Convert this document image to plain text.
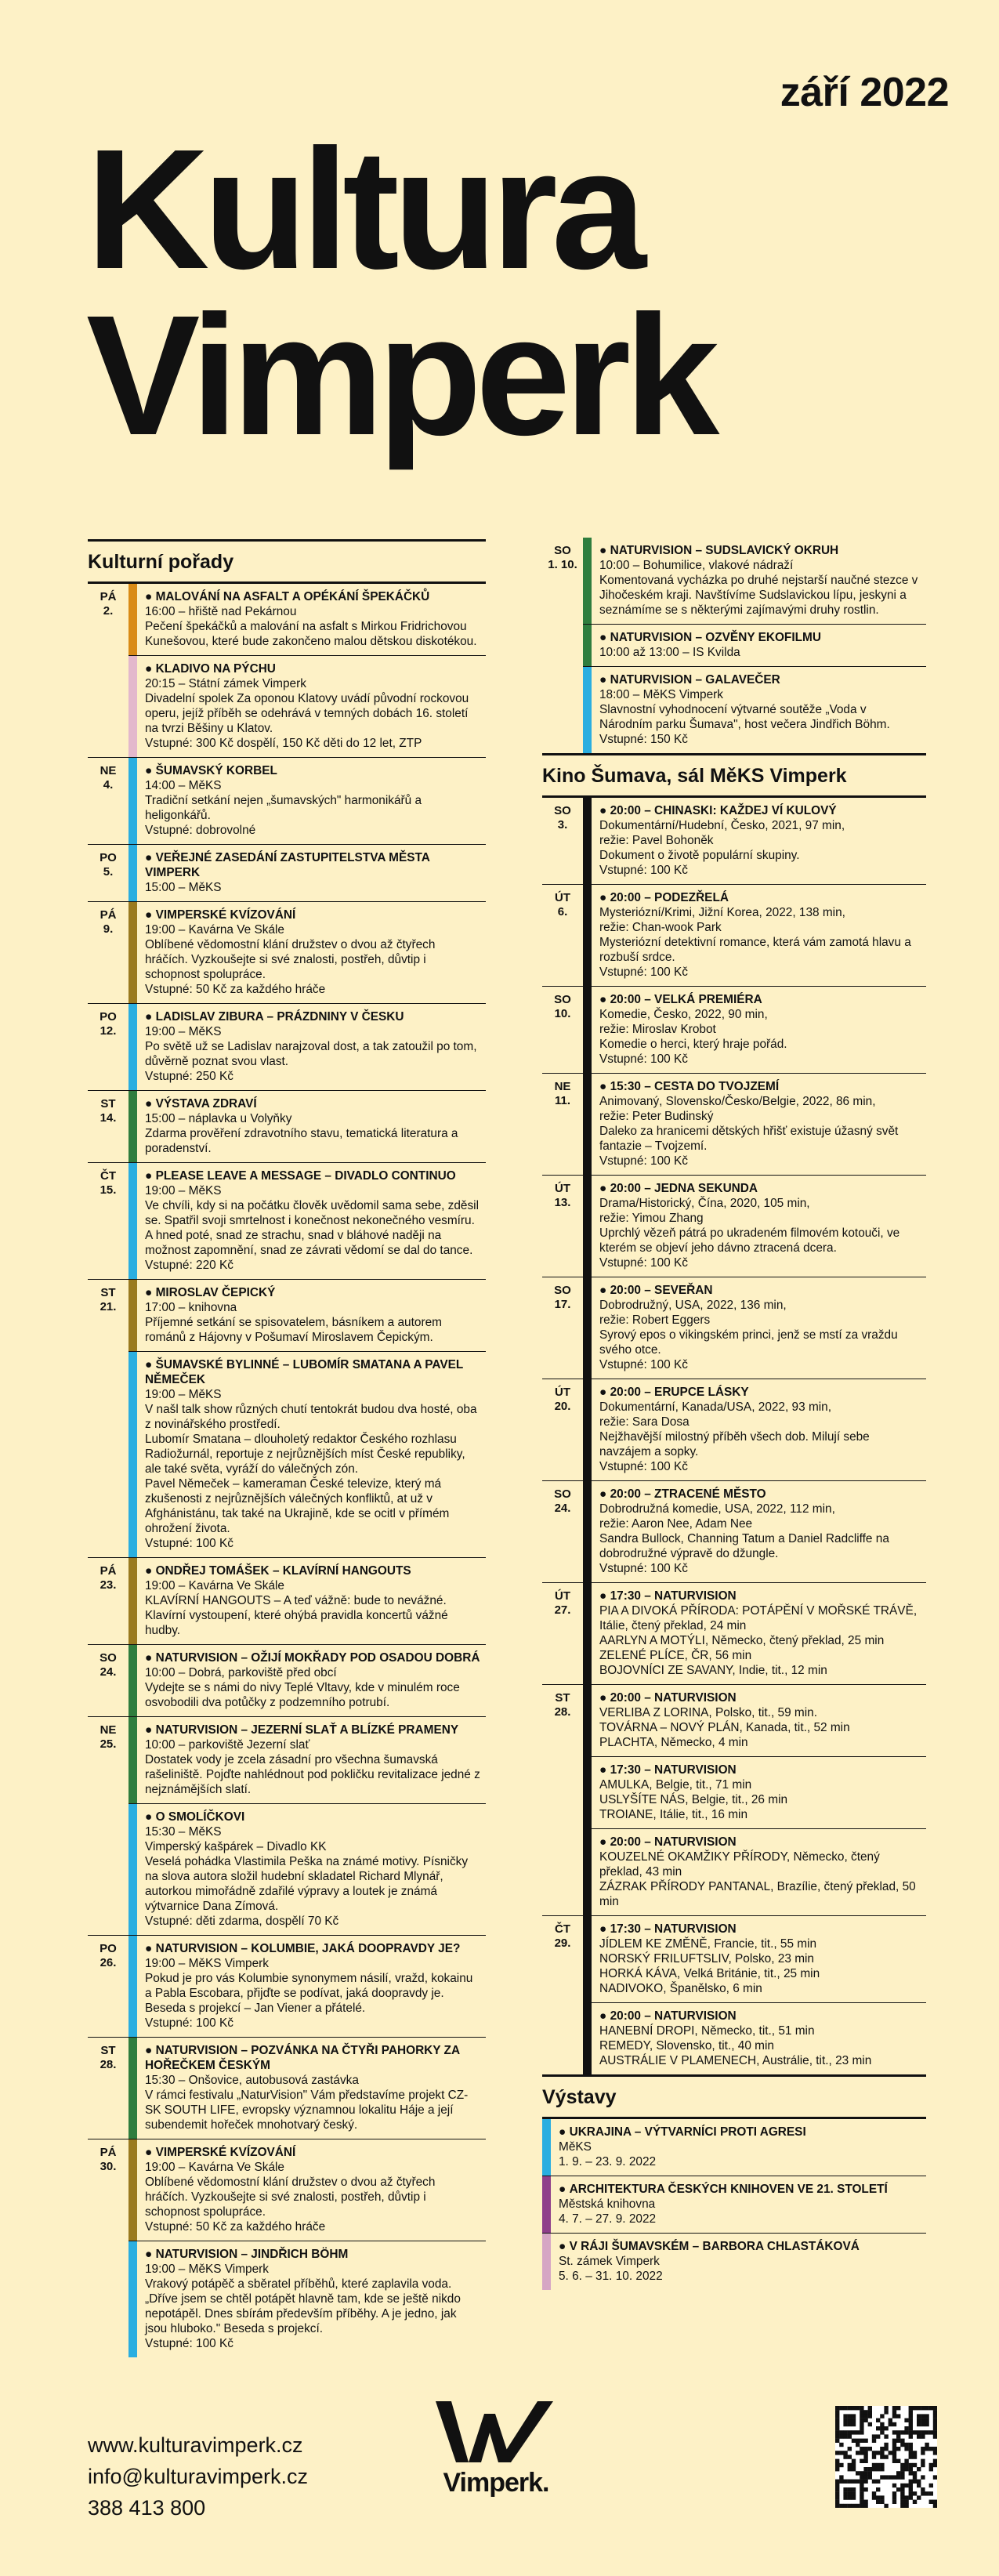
září 2022
Kultura
Vimperk
Kulturní pořady
PÁ
2.
● MALOVÁNÍ NA ASFALT A OPÉKÁNÍ ŠPEKÁČKŮ
16:00 – hřiště nad Pekárnou
Pečení špekáčků a malování na asfalt s Mirkou Fridrichovou Kunešovou, které bude zakončeno malou dětskou diskotékou.
● KLADIVO NA PÝCHU
20:15 – Státní zámek Vimperk
Divadelní spolek Za oponou Klatovy uvádí původní rockovou operu, jejíž příběh se odehrává v temných dobách 16. století na tvrzi Běšiny u Klatov.
Vstupné: 300 Kč dospělí, 150 Kč děti do 12 let, ZTP
NE
4.
● ŠUMAVSKÝ KORBEL
14:00 – MěKS
Tradiční setkání nejen „šumavských" harmonikářů a heligonkářů.
Vstupné: dobrovolné
PO
5.
● VEŘEJNÉ ZASEDÁNÍ ZASTUPITELSTVA MĚSTA VIMPERK
15:00 – MěKS
PÁ
9.
● VIMPERSKÉ KVÍZOVÁNÍ
19:00 – Kavárna Ve Skále
Oblíbené vědomostní klání družstev o dvou až čtyřech hráčích. Vyzkoušejte si své znalosti, postřeh, důvtip i schopnost spolupráce.
Vstupné: 50 Kč za každého hráče
PO
12.
● LADISLAV ZIBURA – PRÁZDNINY V ČESKU
19:00 – MěKS
Po světě už se Ladislav narajzoval dost, a tak zatoužil po tom, důvěrně poznat svou vlast.
Vstupné: 250 Kč
ST
14.
● VÝSTAVA ZDRAVÍ
15:00 – náplavka u Volyňky
Zdarma prověření zdravotního stavu, tematická literatura a poradenství.
ČT
15.
● PLEASE LEAVE A MESSAGE – DIVADLO CONTINUO
19:00 – MěKS
Ve chvíli, kdy si na počátku člověk uvědomil sama sebe, zděsil se. Spatřil svoji smrtelnost i konečnost nekonečného vesmíru. A hned poté, snad ze strachu, snad v bláhové naději na možnost zapomnění, snad ze závrati vědomí se dal do tance.
Vstupné: 220 Kč
ST
21.
● MIROSLAV ČEPICKÝ
17:00 – knihovna
Příjemné setkání se spisovatelem, básníkem a autorem románů z Hájovny v Pošumaví Miroslavem Čepickým.
● ŠUMAVSKÉ BYLINNÉ – LUBOMÍR SMATANA A PAVEL NĚMEČEK
19:00 – MěKS
V našl talk show různých chutí tentokrát budou dva hosté, oba z novinářského prostředí.
Lubomír Smatana – dlouholetý redaktor Českého rozhlasu Radiožurnál, reportuje z nejrůznějších míst České republiky, ale také světa, vyráží do válečných zón.
Pavel Němeček – kameraman České televize, který má zkušenosti z nejrůznějších válečných konfliktů, at už v Afghánistánu, tak také na Ukrajině, kde se ocitl v přímém ohrožení života.
Vstupné: 100 Kč
PÁ
23.
● ONDŘEJ TOMÁŠEK – KLAVÍRNÍ HANGOUTS
19:00 – Kavárna Ve Skále
KLAVÍRNÍ HANGOUTS – A teď vážně: bude to nevážné. Klavírní vystoupení, které ohýbá pravidla koncertů vážné hudby.
SO
24.
● NATURVISION – OŽIJÍ MOKŘADY POD OSADOU DOBRÁ
10:00 – Dobrá, parkoviště před obcí
Vydejte se s námi do nivy Teplé Vltavy, kde v minulém roce osvobodili dva potůčky z podzemního potrubí.
NE
25.
● NATURVISION – JEZERNÍ SLAŤ A BLÍZKÉ PRAMENY
10:00 – parkoviště Jezerní slať
Dostatek vody je zcela zásadní pro všechna šumavská rašeliniště. Pojďte nahlédnout pod pokličku revitalizace jedné z nejznámějších slatí.
● O SMOLÍČKOVI
15:30 – MěKS
Vimperský kašpárek – Divadlo KK
Veselá pohádka Vlastimila Peška na známé motivy. Písničky na slova autora složil hudební skladatel Richard Mlynář, autorkou mimořádně zdařilé výpravy a loutek je známá výtvarnice Dana Zímová.
Vstupné: děti zdarma, dospělí 70 Kč
PO
26.
● NATURVISION – KOLUMBIE, JAKÁ DOOPRAVDY JE?
19:00 – MěKS Vimperk
Pokud je pro vás Kolumbie synonymem násilí, vražd, kokainu a Pabla Escobara, přijďte se podívat, jaká doopravdy je. Beseda s projekcí – Jan Viener a přátelé.
Vstupné: 100 Kč
ST
28.
● NATURVISION – POZVÁNKA NA ČTYŘI PAHORKY ZA HOŘEČKEM ČESKÝM
15:30 – Onšovice, autobusová zastávka
V rámci festivalu „NaturVision" Vám představíme projekt CZ-SK SOUTH LIFE, evropsky významnou lokalitu Háje a její subendemit hořeček mnohotvarý český.
PÁ
30.
● VIMPERSKÉ KVÍZOVÁNÍ
19:00 – Kavárna Ve Skále
Oblíbené vědomostní klání družstev o dvou až čtyřech hráčích. Vyzkoušejte si své znalosti, postřeh, důvtip i schopnost spolupráce.
Vstupné: 50 Kč za každého hráče
● NATURVISION – JINDŘICH BÖHM
19:00 – MěKS Vimperk
Vrakový potápěč a sběratel příběhů, které zaplavila voda. „Dříve jsem se chtěl potápět hlavně tam, kde se ještě nikdo nepotápěl. Dnes sbírám především příběhy. A je jedno, jak jsou hluboko." Beseda s projekcí.
Vstupné: 100 Kč
SO
1. 10.
● NATURVISION – SUDSLAVICKÝ OKRUH
10:00 – Bohumilice, vlakové nádraží
Komentovaná vycházka po druhé nejstarší naučné stezce v Jihočeském kraji. Navštívíme Sudslavickou lípu, jeskyni a seznámíme se s některými zajímavými druhy rostlin.
● NATURVISION – OZVĚNY EKOFILMU
10:00 až 13:00 – IS Kvilda
● NATURVISION – GALAVEČER
18:00 – MěKS Vimperk
Slavnostní vyhodnocení výtvarné soutěže „Voda v Národním parku Šumava", host večera Jindřich Böhm.
Vstupné: 150 Kč
Kino Šumava, sál MěKS Vimperk
SO
3.
● 20:00 – CHINASKI: KAŽDEJ VÍ KULOVÝ
Dokumentární/Hudební, Česko, 2021, 97 min,
režie: Pavel Bohoněk
Dokument o životě populární skupiny.
Vstupné: 100 Kč
ÚT
6.
● 20:00 – PODEZŘELÁ
Mysteriózní/Krimi, Jižní Korea, 2022, 138 min,
režie: Chan-wook Park
Mysteriózní detektivní romance, která vám zamotá hlavu a rozbuší srdce.
Vstupné: 100 Kč
SO
10.
● 20:00 – VELKÁ PREMIÉRA
Komedie, Česko, 2022, 90 min,
režie: Miroslav Krobot
Komedie o herci, který hraje pořád.
Vstupné: 100 Kč
NE
11.
● 15:30 – CESTA DO TVOJZEMÍ
Animovaný, Slovensko/Česko/Belgie, 2022, 86 min,
režie: Peter Budinský
Daleko za hranicemi dětských hřišť existuje úžasný svět fantazie – Tvojzemí.
Vstupné: 100 Kč
ÚT
13.
● 20:00 – JEDNA SEKUNDA
Drama/Historický, Čína, 2020, 105 min,
režie: Yimou Zhang
Uprchlý vězeň pátrá po ukradeném filmovém kotouči, ve kterém se objeví jeho dávno ztracená dcera.
Vstupné: 100 Kč
SO
17.
● 20:00 – SEVEŘAN
Dobrodružný, USA, 2022, 136 min,
režie: Robert Eggers
Syrový epos o vikingském princi, jenž se mstí za vraždu svého otce.
Vstupné: 100 Kč
ÚT
20.
● 20:00 – ERUPCE LÁSKY
Dokumentární, Kanada/USA, 2022, 93 min,
režie: Sara Dosa
Nejžhavější milostný příběh všech dob. Milují sebe navzájem a sopky.
Vstupné: 100 Kč
SO
24.
● 20:00 – ZTRACENÉ MĚSTO
Dobrodružná komedie, USA, 2022, 112 min,
režie: Aaron Nee, Adam Nee
Sandra Bullock, Channing Tatum a Daniel Radcliffe na dobrodružné výpravě do džungle.
Vstupné: 100 Kč
ÚT
27.
● 17:30 – NATURVISION
PIA A DIVOKÁ PŘÍRODA: POTÁPĚNÍ V MOŘSKÉ TRÁVĚ, Itálie, čtený překlad, 24 min
AARLYN A MOTÝLI, Německo, čtený překlad, 25 min
ZELENÉ PLÍCE, ČR, 56 min
BOJOVNÍCI ZE SAVANY, Indie, tit., 12 min
ST
28.
● 20:00 – NATURVISION
VERLIBA Z LORINA, Polsko, tit., 59 min.
TOVÁRNA – NOVÝ PLÁN, Kanada, tit., 52 min
PLACHTA, Německo, 4 min
● 17:30 – NATURVISION
AMULKA, Belgie, tit., 71 min
USLYŠÍTE NÁS, Belgie, tit., 26 min
TROIANE, Itálie, tit., 16 min
● 20:00 – NATURVISION
KOUZELNÉ OKAMŽIKY PŘÍRODY, Německo, čtený překlad, 43 min
ZÁZRAK PŘÍRODY PANTANAL, Brazílie, čtený překlad, 50 min
ČT
29.
● 17:30 – NATURVISION
JÍDLEM KE ZMĚNĚ, Francie, tit., 55 min
NORSKÝ FRILUFTSLIV, Polsko, 23 min
HORKÁ KÁVA, Velká Británie, tit., 25 min
NADIVOKO, Španělsko, 6 min
● 20:00 – NATURVISION
HANEBNÍ DROPI, Německo, tit., 51 min
REMEDY, Slovensko, tit., 40 min
AUSTRÁLIE V PLAMENECH, Austrálie, tit., 23 min
Výstavy
● UKRAJINA – VÝTVARNÍCI PROTI AGRESI
MěKS
1. 9. – 23. 9. 2022
● ARCHITEKTURA ČESKÝCH KNIHOVEN VE 21. STOLETÍ
Městská knihovna
4. 7. – 27. 9. 2022
● V RÁJI ŠUMAVSKÉM – BARBORA CHLASTÁKOVÁ
St. zámek Vimperk
5. 6. – 31. 10. 2022
www.kulturavimperk.cz
info@kulturavimperk.cz
388 413 800
Vimperk.
